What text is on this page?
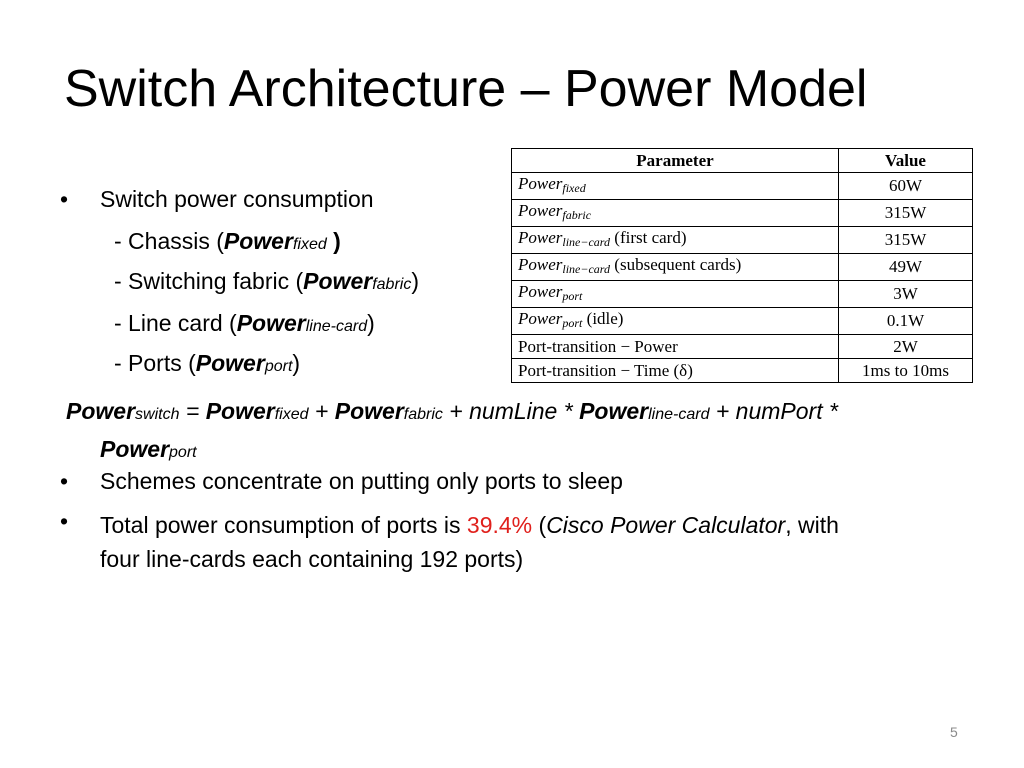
Switch Architecture – Power Model
•	Switch power consumption
- Chassis (Powerfixed )
- Switching fabric (Powerfabric)
- Line card (Powerline-card)
- Ports (Powerport)
Powerswitch = Powerfixed + Powerfabric + numLine * Powerline-card + numPort *
Powerport
•	Schemes concentrate on putting only ports to sleep
•	Total power consumption of ports is 39.4% (Cisco Power Calculator, with
four line-cards each containing 192 ports)
Parameter	Value
Powerfixed	60W
Powerfabric	315W
Powerline−card (first card)	315W
Powerline−card (subsequent cards)	49W
Powerport	3W
Powerport (idle)	0.1W
Port-transition − Power	2W
Port-transition − Time (δ)	1ms to 10ms
5
